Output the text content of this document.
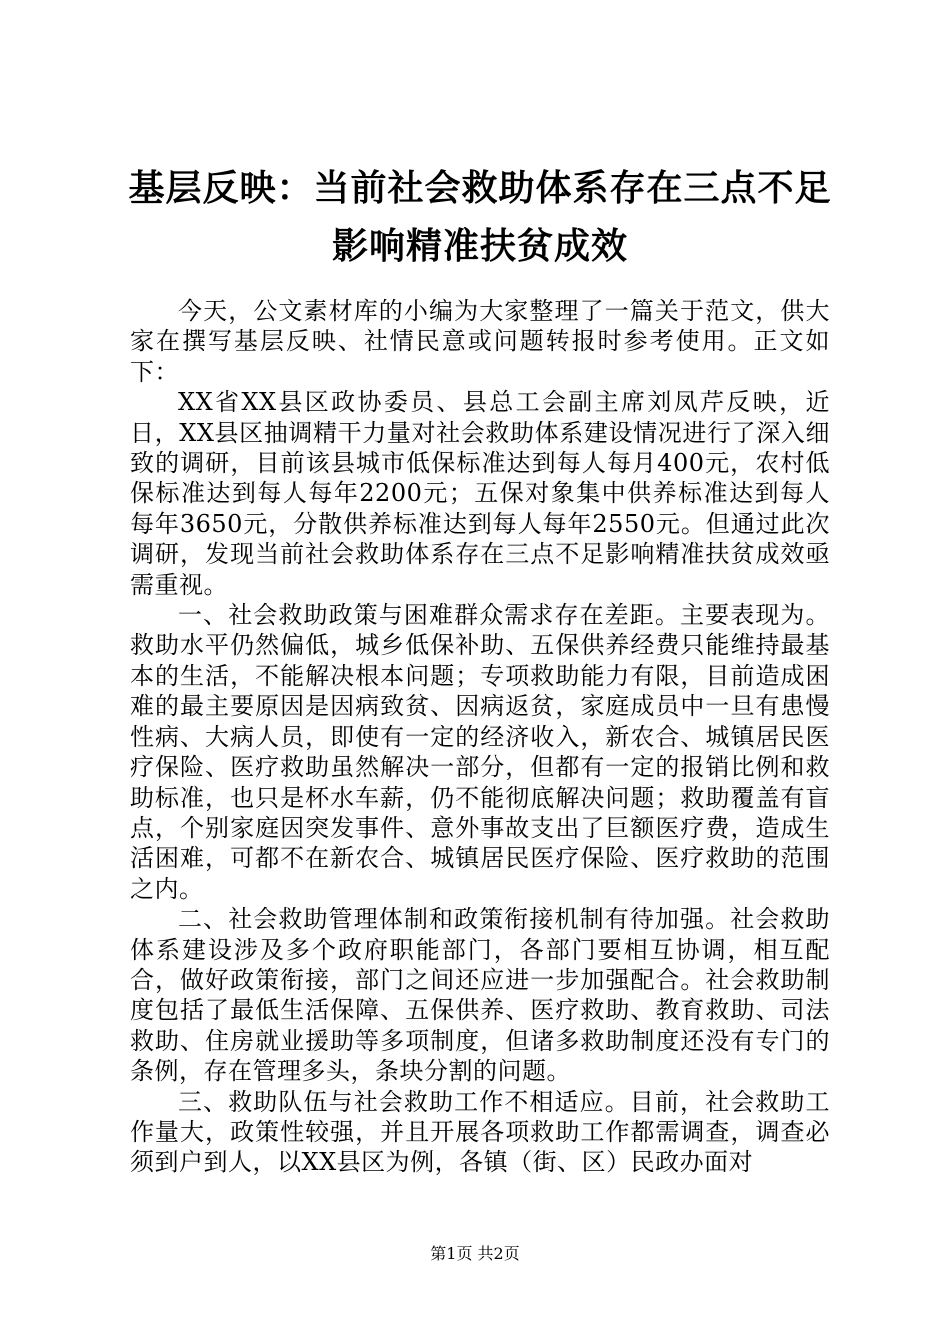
基层反映：当前社会救助体系存在三点不足影响精准扶贫成效

今天，公文素材库的小编为大家整理了一篇关于范文，供大家在撰写基层反映、社情民意或问题转报时参考使用。正文如下：

XX省XX县区政协委员、县总工会副主席刘凤芹反映，近日，XX县区抽调精干力量对社会救助体系建设情况进行了深入细致的调研，目前该县城市低保标准达到每人每月400元，农村低保标准达到每人每年2200元；五保对象集中供养标准达到每人每年3650元，分散供养标准达到每人每年2550元。但通过此次调研，发现当前社会救助体系存在三点不足影响精准扶贫成效亟需重视。

一、社会救助政策与困难群众需求存在差距。主要表现为。救助水平仍然偏低，城乡低保补助、五保供养经费只能维持最基本的生活，不能解决根本问题；专项救助能力有限，目前造成困难的最主要原因是因病致贫、因病返贫，家庭成员中一旦有患慢性病、大病人员，即使有一定的经济收入，新农合、城镇居民医疗保险、医疗救助虽然解决一部分，但都有一定的报销比例和救助标准，也只是杯水车薪，仍不能彻底解决问题；救助覆盖有盲点，个别家庭因突发事件、意外事故支出了巨额医疗费，造成生活困难，可都不在新农合、城镇居民医疗保险、医疗救助的范围之内。

二、社会救助管理体制和政策衔接机制有待加强。社会救助体系建设涉及多个政府职能部门，各部门要相互协调，相互配合，做好政策衔接，部门之间还应进一步加强配合。社会救助制度包括了最低生活保障、五保供养、医疗救助、教育救助、司法救助、住房就业援助等多项制度，但诸多救助制度还没有专门的条例，存在管理多头，条块分割的问题。

三、救助队伍与社会救助工作不相适应。目前，社会救助工作量大，政策性较强，并且开展各项救助工作都需调查，调查必须到户到人，以XX县区为例，各镇（街、区）民政办面对

第1页 共2页
